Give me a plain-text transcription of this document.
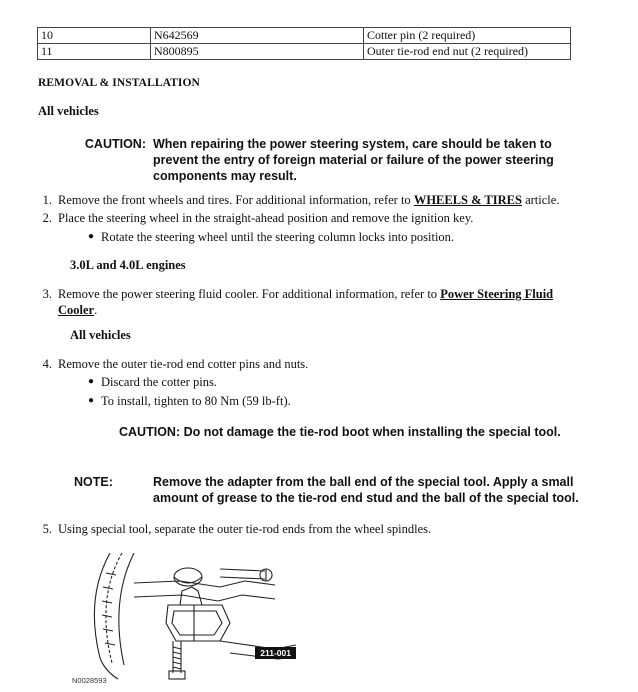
10	N642569	Cotter pin (2 required)
11	N800895	Outer tie-rod end nut (2 required)
REMOVAL & INSTALLATION
All vehicles
CAUTION: When repairing the power steering system, care should be taken to
prevent the entry of foreign material or failure of the power steering
components may result.
1. Remove the front wheels and tires. For additional information, refer to WHEELS & TIRES article.
2. Place the steering wheel in the straight-ahead position and remove the ignition key.
● Rotate the steering wheel until the steering column locks into position.
3.0L and 4.0L engines
3. Remove the power steering fluid cooler. For additional information, refer to Power Steering Fluid
Cooler.
All vehicles
4. Remove the outer tie-rod end cotter pins and nuts.
● Discard the cotter pins.
● To install, tighten to 80 Nm (59 lb-ft).
CAUTION: Do not damage the tie-rod boot when installing the special tool.
NOTE:	Remove the adapter from the ball end of the special tool. Apply a small
amount of grease to the tie-rod end stud and the ball of the special tool.
5. Using special tool, separate the outer tie-rod ends from the wheel spindles.
211-001
N0028593
